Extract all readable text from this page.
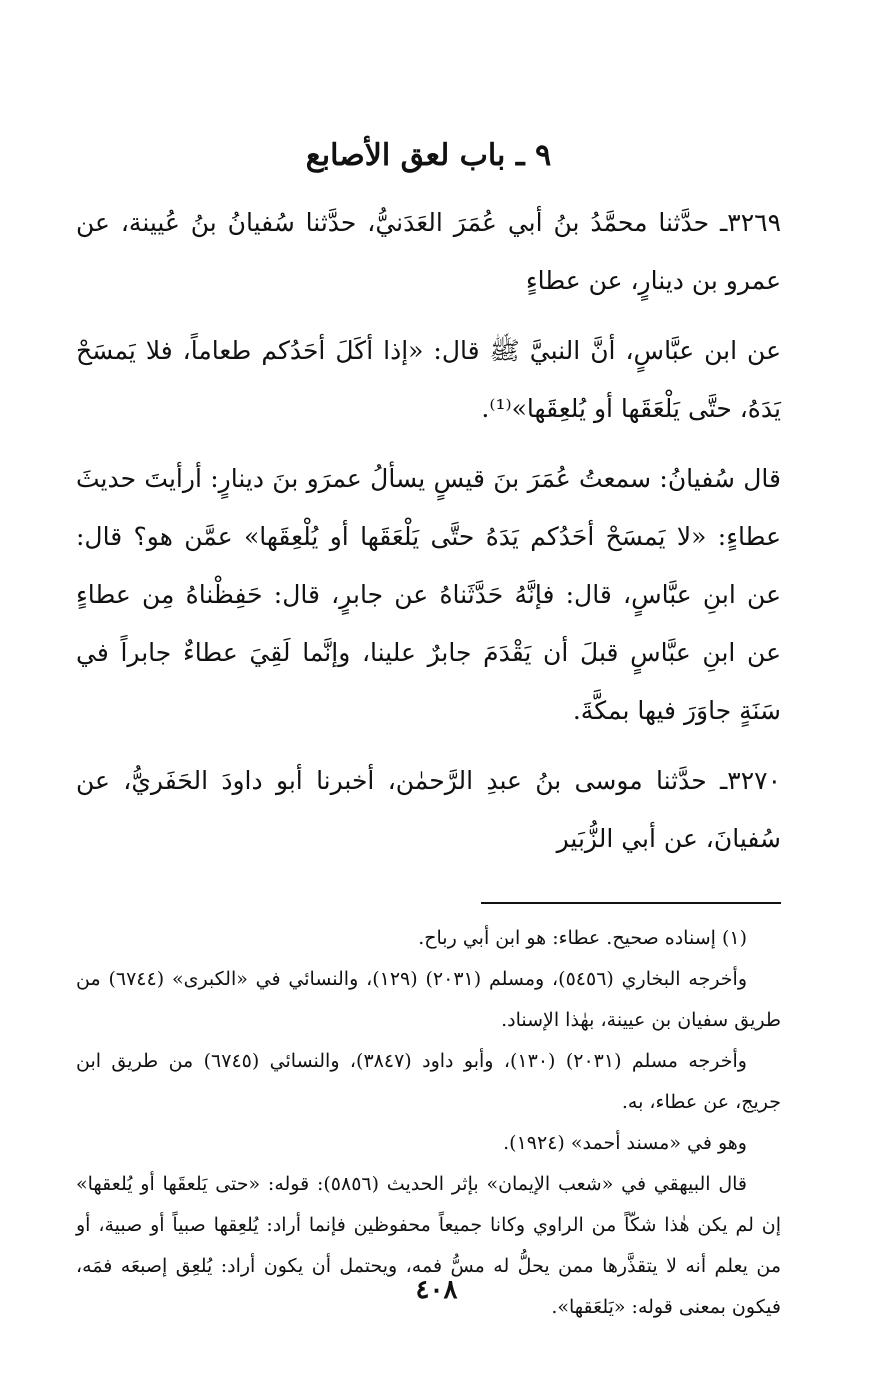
٩ ـ باب لعق الأصابع

٣٢٦٩ـ حدَّثنا محمَّدُ بنُ أبي عُمَرَ العَدَنيُّ، حدَّثنا سُفيانُ بنُ عُيينة، عن عمرو بن دينارٍ، عن عطاءٍ

عن ابن عبَّاسٍ، أنَّ النبيَّ ﷺ قال: «إذا أكَلَ أحَدُكم طعاماً، فلا يَمسَحْ يَدَهُ، حتَّى يَلْعَقَها أو يُلعِقَها»⁽¹⁾.

قال سُفيانُ: سمعتُ عُمَرَ بنَ قيسٍ يسألُ عمرَو بنَ دينارٍ: أرأيتَ حديثَ عطاءٍ: «لا يَمسَحْ أحَدُكم يَدَهُ حتَّى يَلْعَقَها أو يُلْعِقَها» عمَّن هو؟ قال: عن ابنِ عبَّاسٍ، قال: فإنَّهُ حَدَّثَناهُ عن جابرٍ، قال: حَفِظْناهُ مِن عطاءٍ عن ابنِ عبَّاسٍ قبلَ أن يَقْدَمَ جابرٌ علينا، وإنَّما لَقِيَ عطاءٌ جابراً في سَنَةٍ جاوَرَ فيها بمكَّةَ.

٣٢٧٠ـ حدَّثنا موسى بنُ عبدِ الرَّحمٰن، أخبرنا أبو داودَ الحَفَريُّ، عن سُفيانَ، عن أبي الزُّبَير

(١) إسناده صحيح. عطاء: هو ابن أبي رباح.

وأخرجه البخاري (٥٤٥٦)، ومسلم (٢٠٣١) (١٢٩)، والنسائي في «الكبرى» (٦٧٤٤) من طريق سفيان بن عيينة، بهٰذا الإسناد.

وأخرجه مسلم (٢٠٣١) (١٣٠)، وأبو داود (٣٨٤٧)، والنسائي (٦٧٤٥) من طريق ابن جريج، عن عطاء، به.

وهو في «مسند أحمد» (١٩٢٤).

قال البيهقي في «شعب الإيمان» بإثر الحديث (٥٨٥٦): قوله: «حتى يَلعقَها أو يُلعقها» إن لم يكن هٰذا شكّاً من الراوي وكانا جميعاً محفوظين فإنما أراد: يُلعِقها صبياً أو صبية، أو من يعلم أنه لا يتقذَّرها ممن يحلُّ له مسُّ فمه، ويحتمل أن يكون أراد: يُلعِق إصبعَه فمَه، فيكون بمعنى قوله: «يَلعَقها».

٤٠٨
